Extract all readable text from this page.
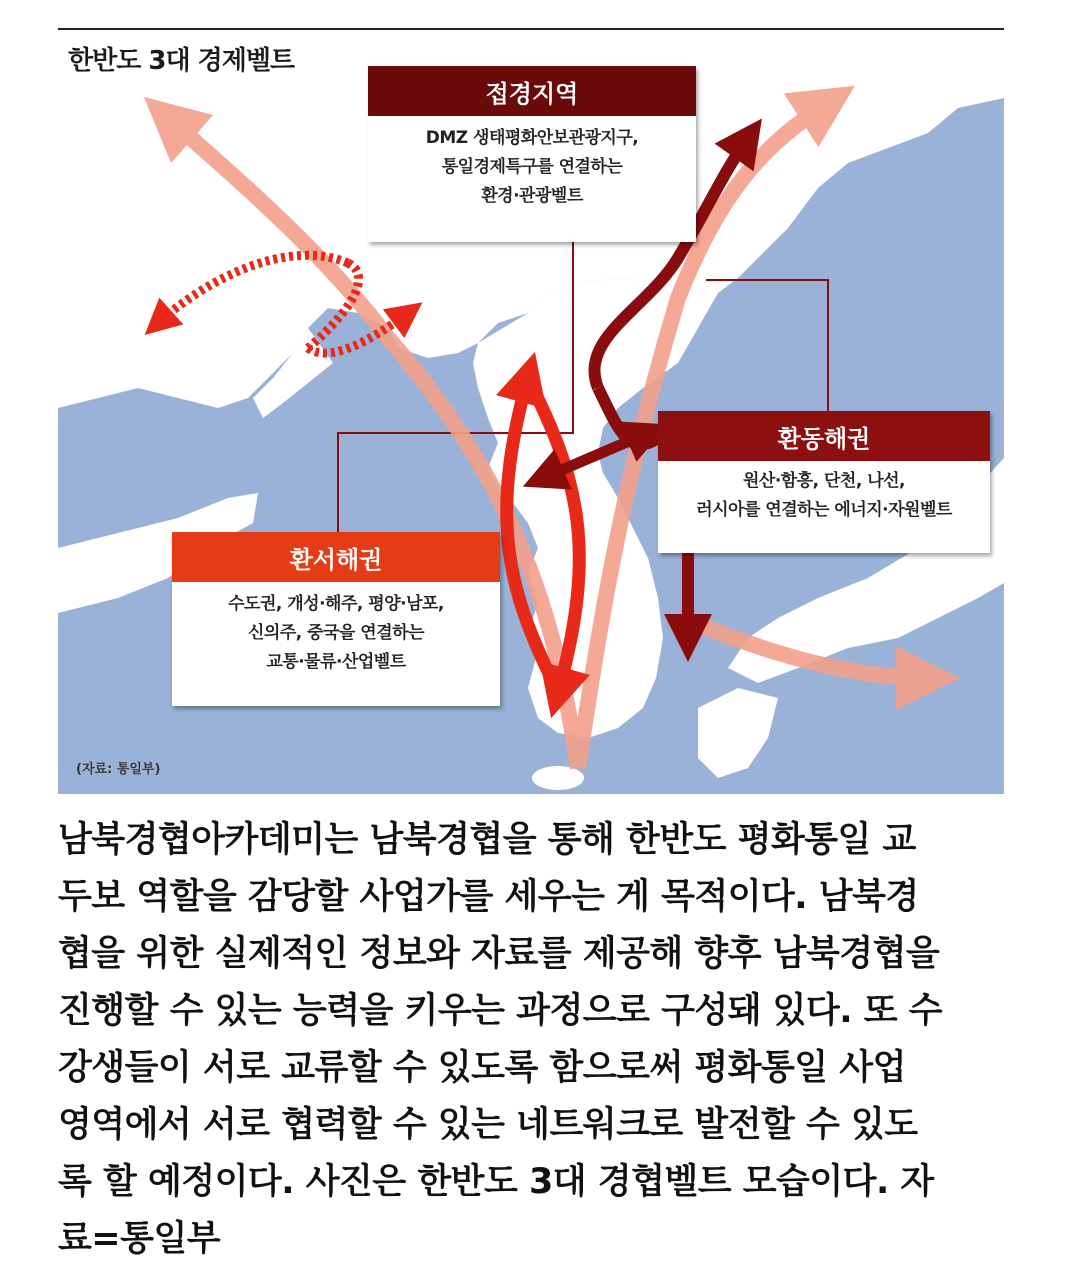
한반도 3대 경제벨트
접경지역
DMZ 생태평화안보관광지구,
통일경제특구를 연결하는
환경·관광벨트
환동해권
원산·함흥, 단천, 나선,
러시아를 연결하는 에너지·자원벨트
환서해권
수도권, 개성·해주, 평양·남포,
신의주, 중국을 연결하는
교통·물류·산업벨트
(자료: 통일부)
남북경협아카데미는 남북경협을 통해 한반도 평화통일 교
두보 역할을 감당할 사업가를 세우는 게 목적이다. 남북경
협을 위한 실제적인 정보와 자료를 제공해 향후 남북경협을
진행할 수 있는 능력을 키우는 과정으로 구성돼 있다. 또 수
강생들이 서로 교류할 수 있도록 함으로써 평화통일 사업
영역에서 서로 협력할 수 있는 네트워크로 발전할 수 있도
록 할 예정이다. 사진은 한반도 3대 경협벨트 모습이다. 자
료=통일부
